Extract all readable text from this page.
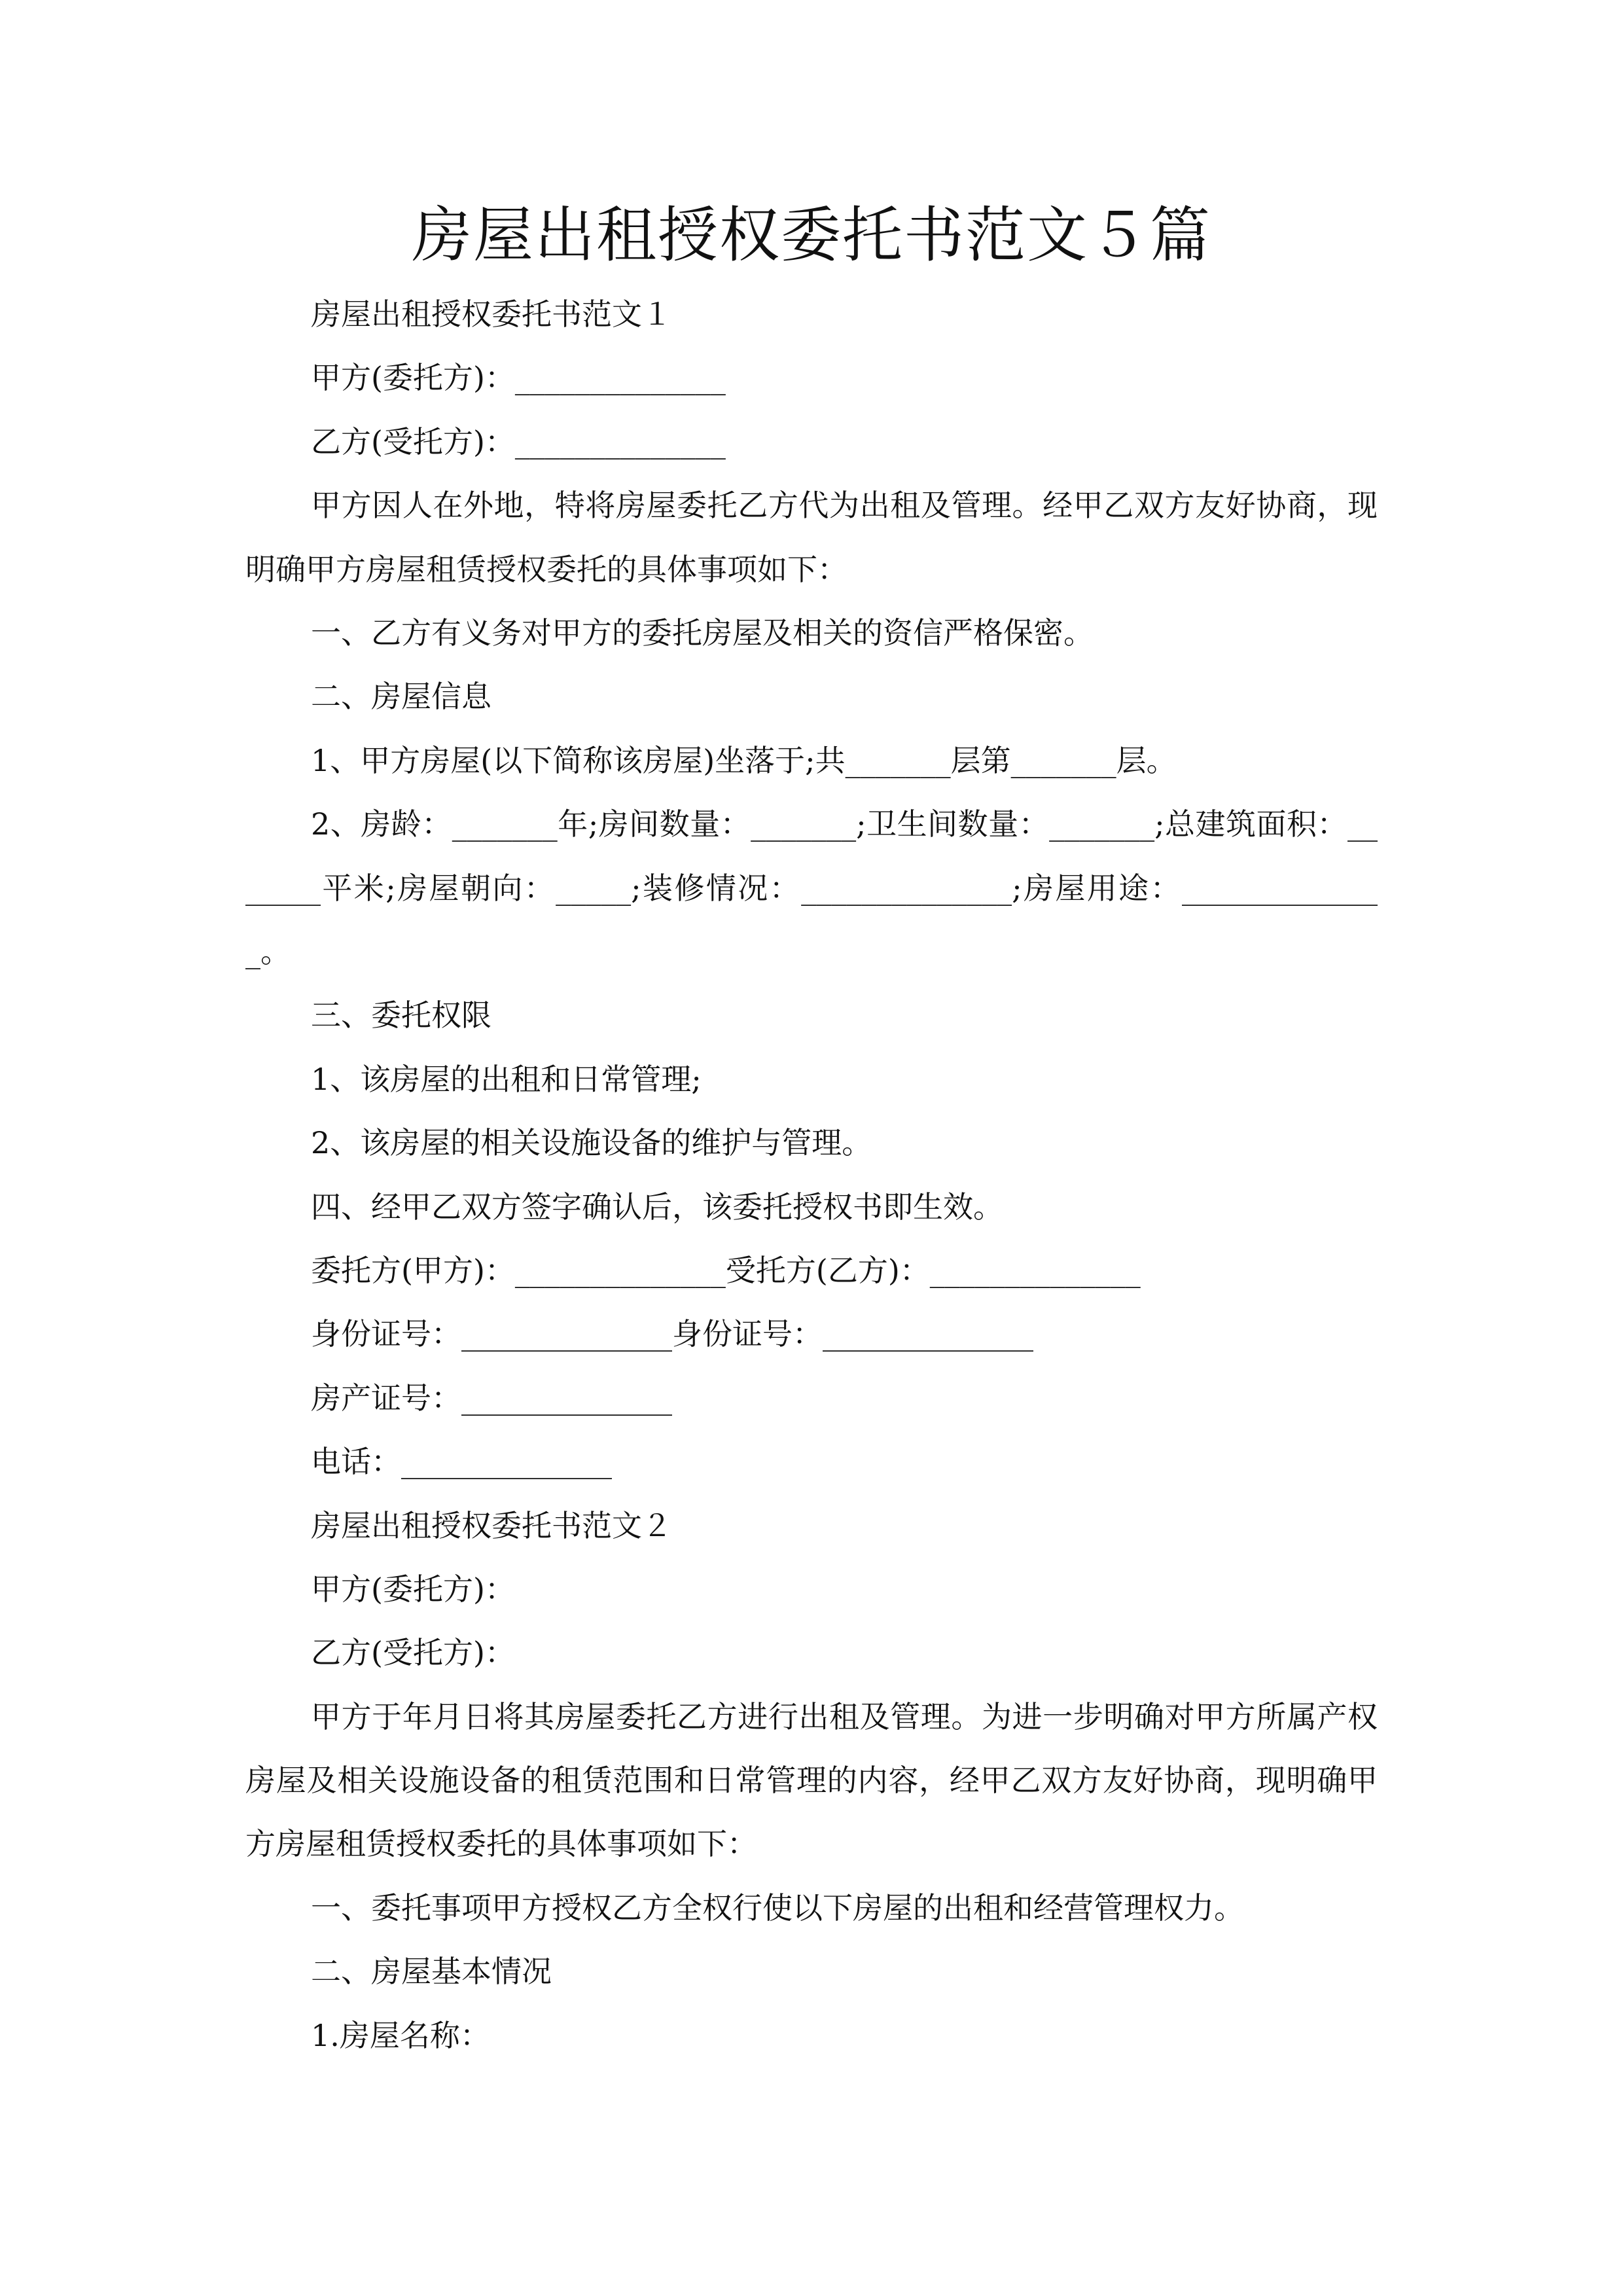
房屋出租授权委托书范文５篇

房屋出租授权委托书范文１

甲方(委托方)：______________

乙方(受托方)：______________

甲方因人在外地，特将房屋委托乙方代为出租及管理。经甲乙双方友好协商，现明确甲方房屋租赁授权委托的具体事项如下：

一、乙方有义务对甲方的委托房屋及相关的资信严格保密。

二、房屋信息

1、甲方房屋(以下简称该房屋)坐落于;共_______层第_______层。

2、房龄：_______年;房间数量：_______;卫生间数量：_______;总建筑面积：_______平米;房屋朝向：_____;装修情况：______________;房屋用途：______________。

三、委托权限

1、该房屋的出租和日常管理;

2、该房屋的相关设施设备的维护与管理。

四、经甲乙双方签字确认后，该委托授权书即生效。

委托方(甲方)：______________受托方(乙方)：______________

身份证号：______________身份证号：______________

房产证号：______________

电话：______________

房屋出租授权委托书范文２

甲方(委托方)：

乙方(受托方)：

甲方于年月日将其房屋委托乙方进行出租及管理。为进一步明确对甲方所属产权房屋及相关设施设备的租赁范围和日常管理的内容，经甲乙双方友好协商，现明确甲方房屋租赁授权委托的具体事项如下：

一、委托事项甲方授权乙方全权行使以下房屋的出租和经营管理权力。

二、房屋基本情况

1.房屋名称：
